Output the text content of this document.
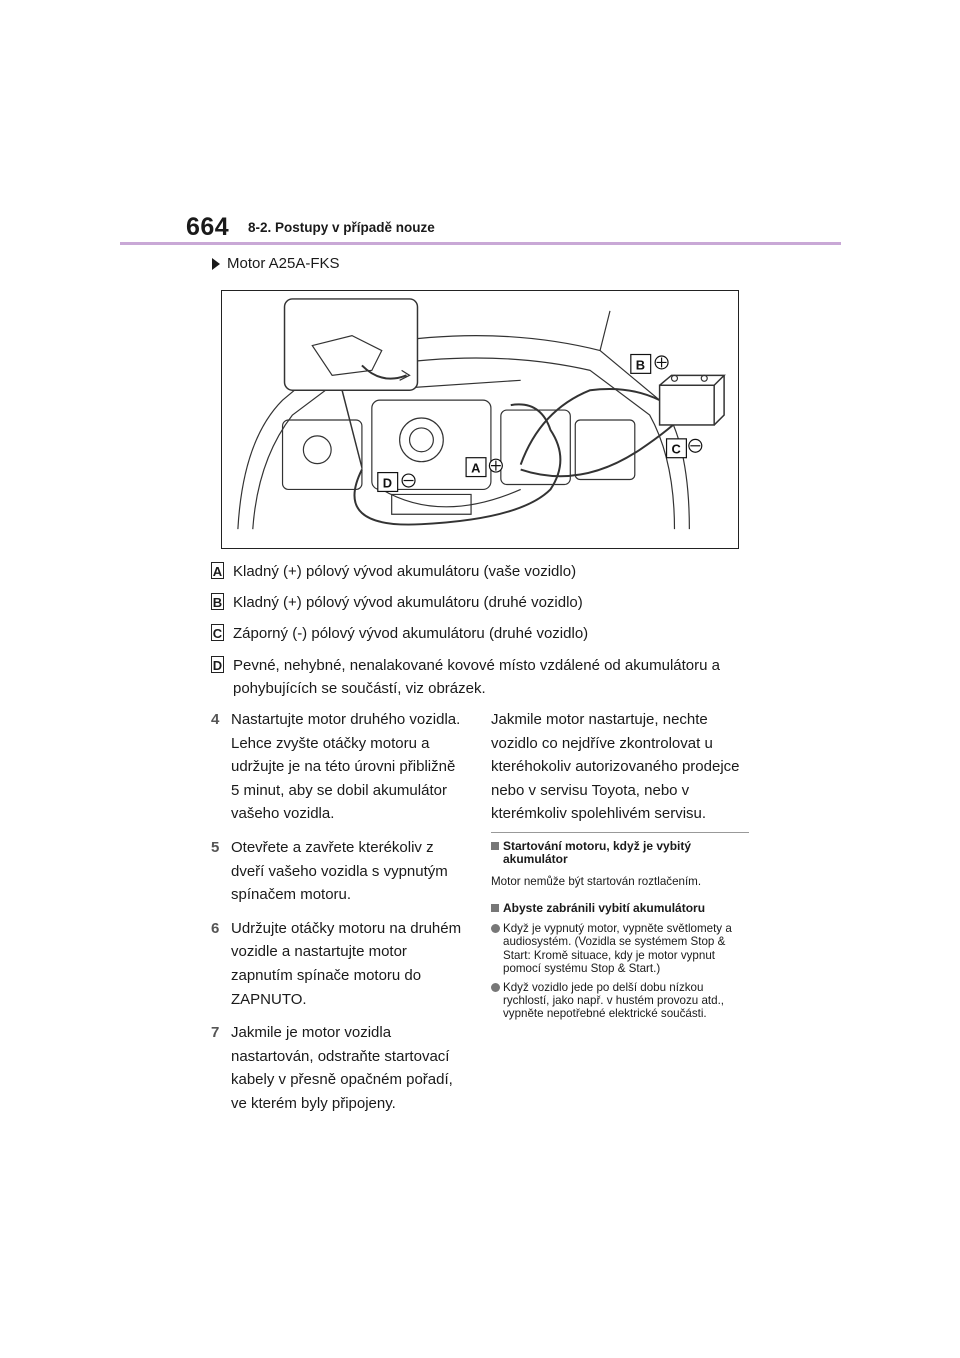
664 8-2. Postupy v případě nouze
Motor A25A-FKS
B
C
A
D
A Kladný (+) pólový vývod akumulátoru (vaše vozidlo)
B Kladný (+) pólový vývod akumulátoru (druhé vozidlo)
C Záporný (-) pólový vývod akumulátoru (druhé vozidlo)
D Pevné, nehybné, nenalakované kovové místo vzdálené od akumulátoru a pohybujících se součástí, viz obrázek.
4 Nastartujte motor druhého vozidla. Lehce zvyšte otáčky motoru a udržujte je na této úrovni přibližně 5 minut, aby se dobil akumulátor vašeho vozidla.
5 Otevřete a zavřete kterékoliv z dveří vašeho vozidla s vypnutým spínačem motoru.
6 Udržujte otáčky motoru na druhém vozidle a nastartujte motor zapnutím spínače motoru do ZAPNUTO.
7 Jakmile je motor vozidla nastartován, odstraňte startovací kabely v přesně opačném pořadí, ve kterém byly připojeny.
Jakmile motor nastartuje, nechte vozidlo co nejdříve zkontrolovat u kteréhokoliv autorizovaného prodejce nebo v servisu Toyota, nebo v kterémkoliv spolehlivém servisu.
Startování motoru, když je vybitý akumulátor
Motor nemůže být startován roztlačením.
Abyste zabránili vybití akumulátoru
Když je vypnutý motor, vypněte světlomety a audiosystém. (Vozidla se systémem Stop & Start: Kromě situace, kdy je motor vypnut pomocí systému Stop & Start.)
Když vozidlo jede po delší dobu nízkou rychlostí, jako např. v hustém provozu atd., vypněte nepotřebné elektrické součásti.
